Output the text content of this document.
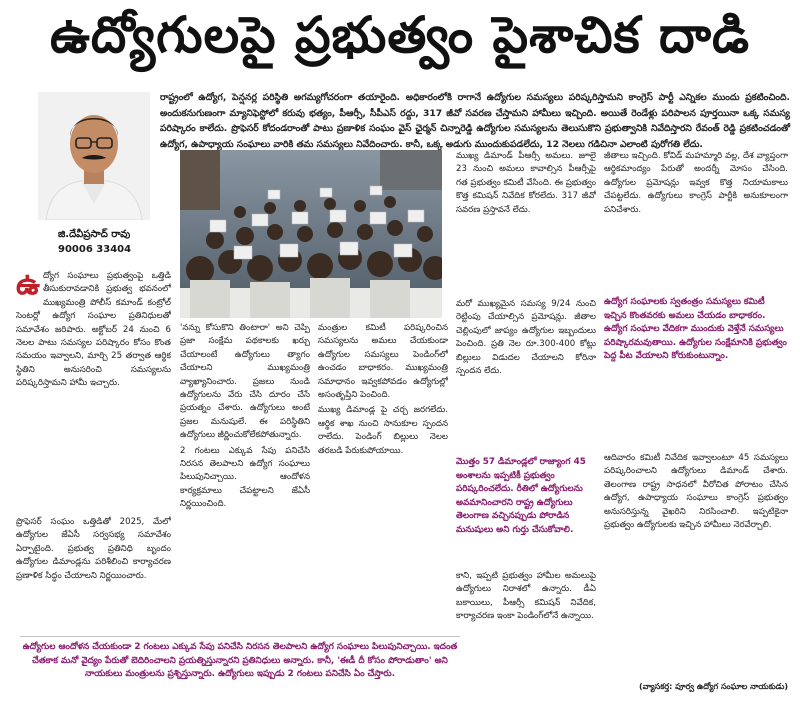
ఉద్యోగులపై ప్రభుత్వం పైశాచిక దాడి
జి.దేవీప్రసాద్ రావు
90006 33404
రాష్ట్రంలో ఉద్యోగ, పెన్షనర్ల పరిస్థితి అగమ్యగోచరంగా తయారైంది. అధికారంలోకి రాగానే ఉద్యోగుల సమస్యలు పరిష్కరిస్తామని కాంగ్రెస్ పార్టీ ఎన్నికల ముందు ప్రకటించింది. అందుకనుగుణంగా మ్యానిఫెస్టోలో కరువు భత్యం, పీఆర్సీ, సీపీఎస్ రద్దు, 317 జీవో సవరణ చేస్తామని హామీలు ఇచ్చింది. అయితే రెండేళ్లు పరిపాలన పూర్తయినా ఒక్క సమస్య పరిష్కారం కాలేదు. ప్రొఫెసర్ కోదండరాంతో పాటు ప్రణాళిక సంఘం వైస్ ఛైర్మన్ చిన్నారెడ్డి ఉద్యోగుల సమస్యలను తెలుసుకొని ప్రభుత్వానికి నివేదిస్తారని రేవంత్ రెడ్డి ప్రకటించడంతో ఉద్యోగ, ఉపాధ్యాయ సంఘాలు వారికి తమ సమస్యలు నివేదించారు. కానీ, ఒక్క అడుగు ముందుకుపడలేదు, 12 నెలలు గడిచినా ఎలాంటి పురోగతి లేదు.
ఉ ద్యోగ సంఘాలు ప్రభుత్వంపై ఒత్తిడి తీసుకురావడానికి ప్రభుత్వ భవనంలో ముఖ్యమంత్రి పోలీస్ కమాండ్ కంట్రోల్ సెంటర్లో ఉద్యోగ సంఘాల ప్రతినిధులతో సమావేశం జరిపారు. అక్టోబర్ 24 నుంచి 6 నెలల పాటు సమస్యల పరిష్కారం కోసం కొంత సమయం ఇవ్వాలని, మార్చి 25 తర్వాత ఆర్థిక స్థితిని అనుసరించి సమస్యలను పరిష్కరిస్తామని హామీ ఇచ్చారు.

ప్రొఫెసర్ సంఘం ఒత్తిడితో 2025, మేలో ఉద్యోగుల జేఏసీ సర్వసభ్య సమావేశం ఏర్పాటైంది. ప్రభుత్వ ప్రతినిధి బృందం ఉద్యోగుల డిమాండ్లను పరిశీలించి కార్యాచరణ ప్రణాళిక సిద్ధం చేయాలని నిర్ణయించారు.

'నన్ను కోసుకొని తింటారా' అని చెప్పి ప్రజా సంక్షేమ పథకాలకు ఖర్చు చేయాలంటే ఉద్యోగులు త్యాగం చేయాలని ముఖ్యమంత్రి వ్యాఖ్యానించారు. ప్రజలు నుండి ఉద్యోగులను వేరు చేసి దూరం చేసే ప్రయత్నం చేశారు. ఉద్యోగులు అంటే ప్రజల మనుషులే. ఈ పరిస్థితిని ఉద్యోగులు జీర్ణించుకోలేకపోతున్నారు.

2 గంటలు ఎక్కువ సేపు పనిచేసి నిరసన తెలపాలని ఉద్యోగ సంఘాలు పిలుపునిచ్చాయి. ఆందోళన కార్యక్రమాలు చేపట్టాలని జేఏసీ నిర్ణయించింది.

మంత్రుల కమిటీ పరిష్కరించిన సమస్యలను అమలు చేయకుండా ఉద్యోగుల సమస్యలు పెండింగ్‌లో ఉంచడం బాధాకరం. ముఖ్యమంత్రి సమాధానం ఇవ్వకపోవడం ఉద్యోగుల్లో అసంతృప్తిని పెంచింది.

ముఖ్య డిమాండ్ల పై చర్చ జరగలేదు. ఆర్థిక శాఖ నుంచి సానుకూల స్పందన రాలేదు. పెండింగ్ బిల్లులు నెలల తరబడి పేరుకుపోయాయి.

ముఖ్య డిమాండ్ పీఆర్సీ అమలు. జూలై 23 నుంచి అమలు కావాల్సిన పీఆర్సీపై గత ప్రభుత్వం కమిటీ వేసింది. ఈ ప్రభుత్వం కొత్త కమిషన్ నివేదిక కోరలేదు. 317 జీవో సవరణ ప్రస్తావనే లేదు.

మరో ముఖ్యమైన సమస్య 9/24 నుంచి రెట్టింపు చేయాల్సిన ప్రమోషన్లు. జీతాల చెల్లింపులో జాప్యం ఉద్యోగుల ఇబ్బందులు పెంచింది. ప్రతి నెల రూ.300-400 కోట్లు బిల్లులు విడుదల చేయాలని కోరినా స్పందన లేదు.

మొత్తం 57 డిమాండ్లలో రాజ్యాంగ 45 అంశాలను ఇప్పటికీ ప్రభుత్వం పరిష్కరించలేదు. రీతిలో ఉద్యోగులను అవమానించారని రాష్ట్ర ఉద్యోగులు తెలంగాణ వచ్చినప్పుడు పోరాడిన మనుషులు అని గుర్తు చేసుకోవాలి.

కాని, ఇప్పటి ప్రభుత్వం హామీల అమలుపై ఉద్యోగులు నిరాశలో ఉన్నారు. డీఏ బకాయిలు, పీఆర్సీ కమిషన్ నివేదిక, కార్యాచరణ ఇంకా పెండింగ్‌లోనే ఉన్నాయి.

జీతాలు ఇచ్చింది. కోవిడ్ మహమ్మారి వల్ల, దేశ వ్యాప్తంగా ఆర్థికమాంద్యం పేరుతో అందర్నీ మోసం చేసింది. ఉద్యోగుల ప్రమోషన్లు ఇవ్వక కొత్త నియామకాలు చేపట్టలేదు. ఉద్యోగులు కాంగ్రెస్ పార్టీకి అనుకూలంగా పనిచేశారు.

ఉద్యోగ సంఘాలకు స్వతంత్రం సమస్యలు కమిటీ ఇచ్చిన కొంతవరకు అమలు చేయడం బాధాకరం. ఉద్యోగ సంఘాల వేదికగా ముందుకు వెళ్తేనే సమస్యలు పరిష్కారమవుతాయి. ఉద్యోగుల సంక్షేమానికి ప్రభుత్వం పెద్ద పీట వేయాలని కోరుకుంటున్నాం.

ఆదివారం కమిటీ నివేదిక ఇవ్వాలంటూ 45 సమస్యలు పరిష్కరించాలని ఉద్యోగులు డిమాండ్ చేశారు. తెలంగాణ రాష్ట్ర సాధనలో వీరోచిత పోరాటం చేసిన ఉద్యోగ, ఉపాధ్యాయ సంఘాలు కాంగ్రెస్ ప్రభుత్వం అనుసరిస్తున్న వైఖరిని నిరసించాలి. ఇప్పటికైనా ప్రభుత్వం ఉద్యోగులకు ఇచ్చిన హామీలు నెరవేర్చాలి.

ఉద్యోగుల ఆందోళన చేయకుండా 2 గంటలు ఎక్కువ సేపు పనిచేసి నిరసన తెలపాలని ఉద్యోగ సంఘాలు పిలుపునిచ్చాయి. ఇదంత చేతకాక మనో వైద్యం పేరుతో బెదిరించాలని ప్రయత్నిస్తున్నారని ప్రతినిధులు అన్నారు. కానీ, 'ఈడీ దీ కోసం పోరాడుతాం' అని నాయకులు మంత్రులను ప్రశ్నిస్తున్నారు. ఉద్యోగులు ఇప్పుడు 2 గంటలు పనిచేసి ఏం చేస్తారు.
(వ్యాసకర్త: పూర్వ ఉద్యోగ సంఘాల నాయకుడు)
